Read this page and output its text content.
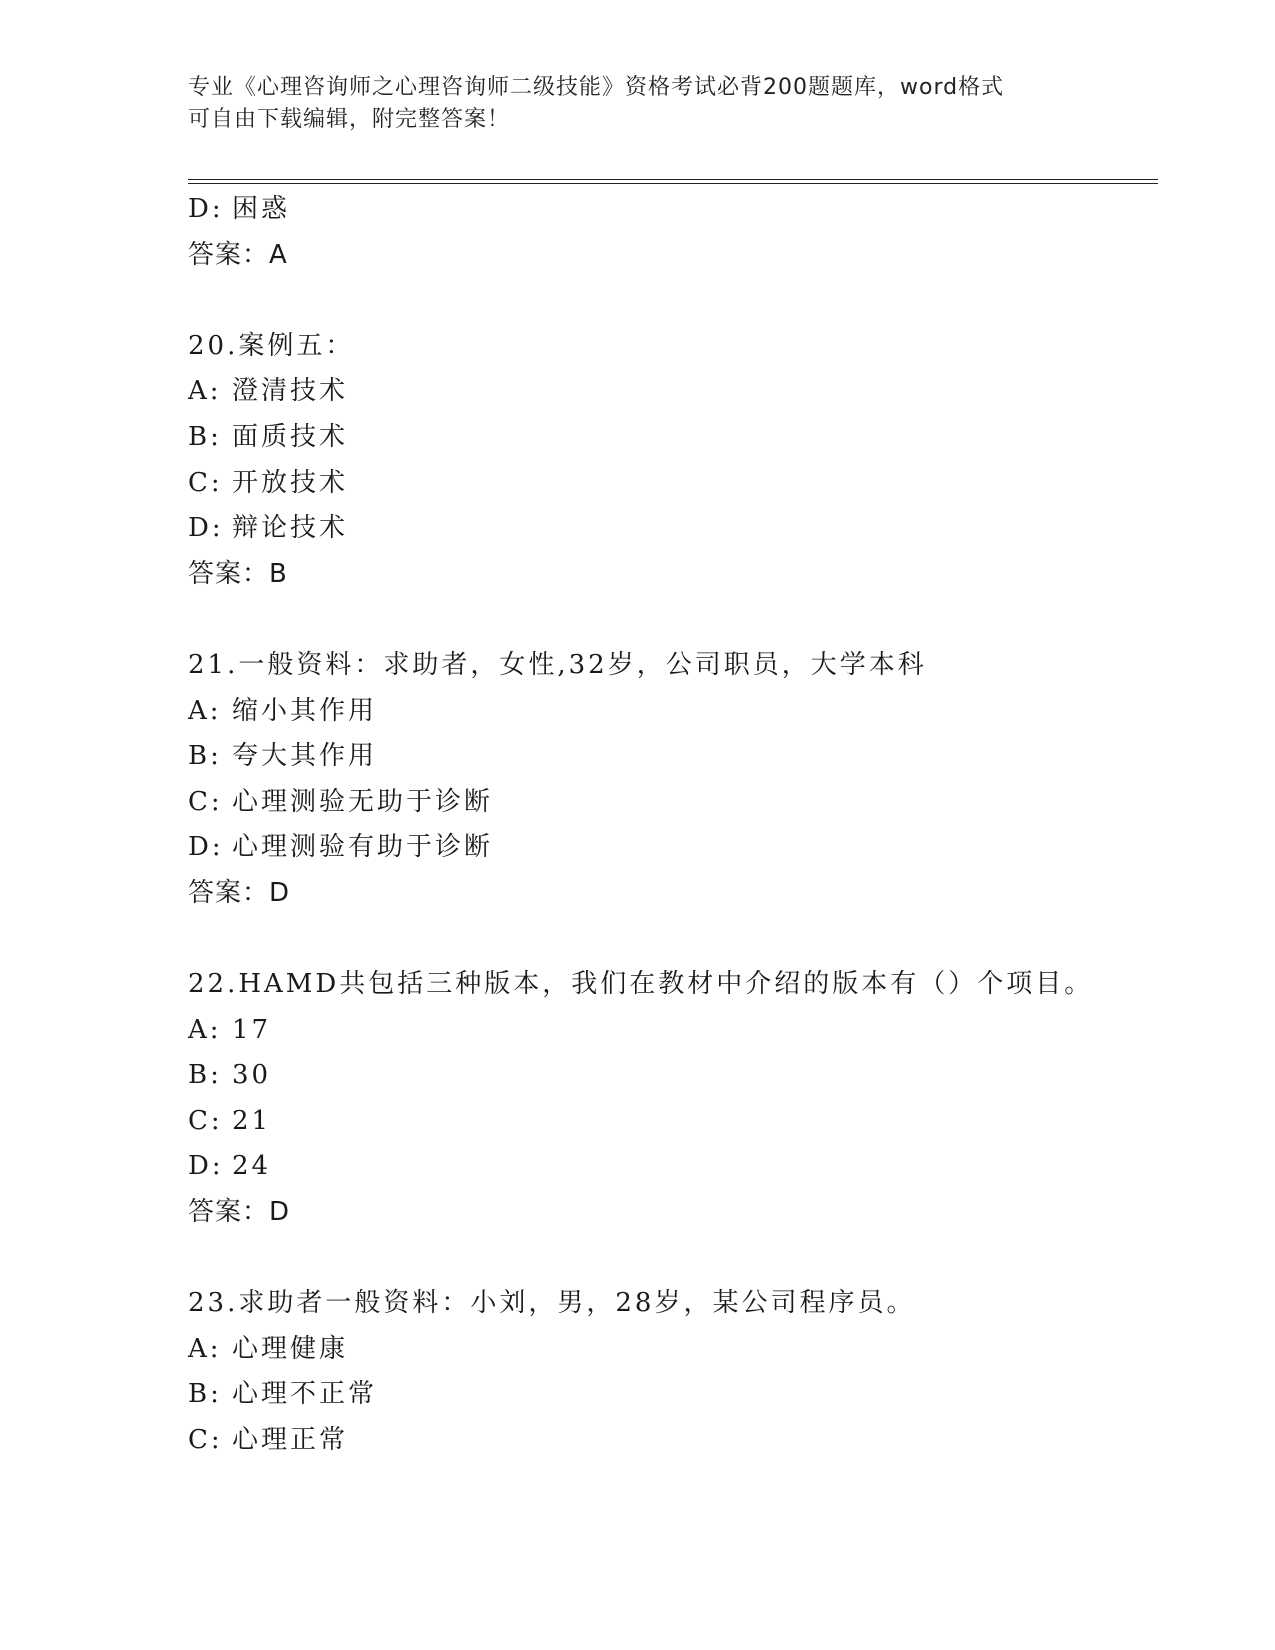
专业《心理咨询师之心理咨询师二级技能》资格考试必背200题题库，word格式
可自由下载编辑，附完整答案！
D: 困惑
答案：A
20.案例五：
A: 澄清技术
B: 面质技术
C: 开放技术
D: 辩论技术
答案：B
21.一般资料：求助者，女性,32岁，公司职员，大学本科
A: 缩小其作用
B: 夸大其作用
C: 心理测验无助于诊断
D: 心理测验有助于诊断
答案：D
22.HAMD共包括三种版本，我们在教材中介绍的版本有（）个项目。
A: 17
B: 30
C: 21
D: 24
答案：D
23.求助者一般资料：小刘，男，28岁，某公司程序员。
A: 心理健康
B: 心理不正常
C: 心理正常
